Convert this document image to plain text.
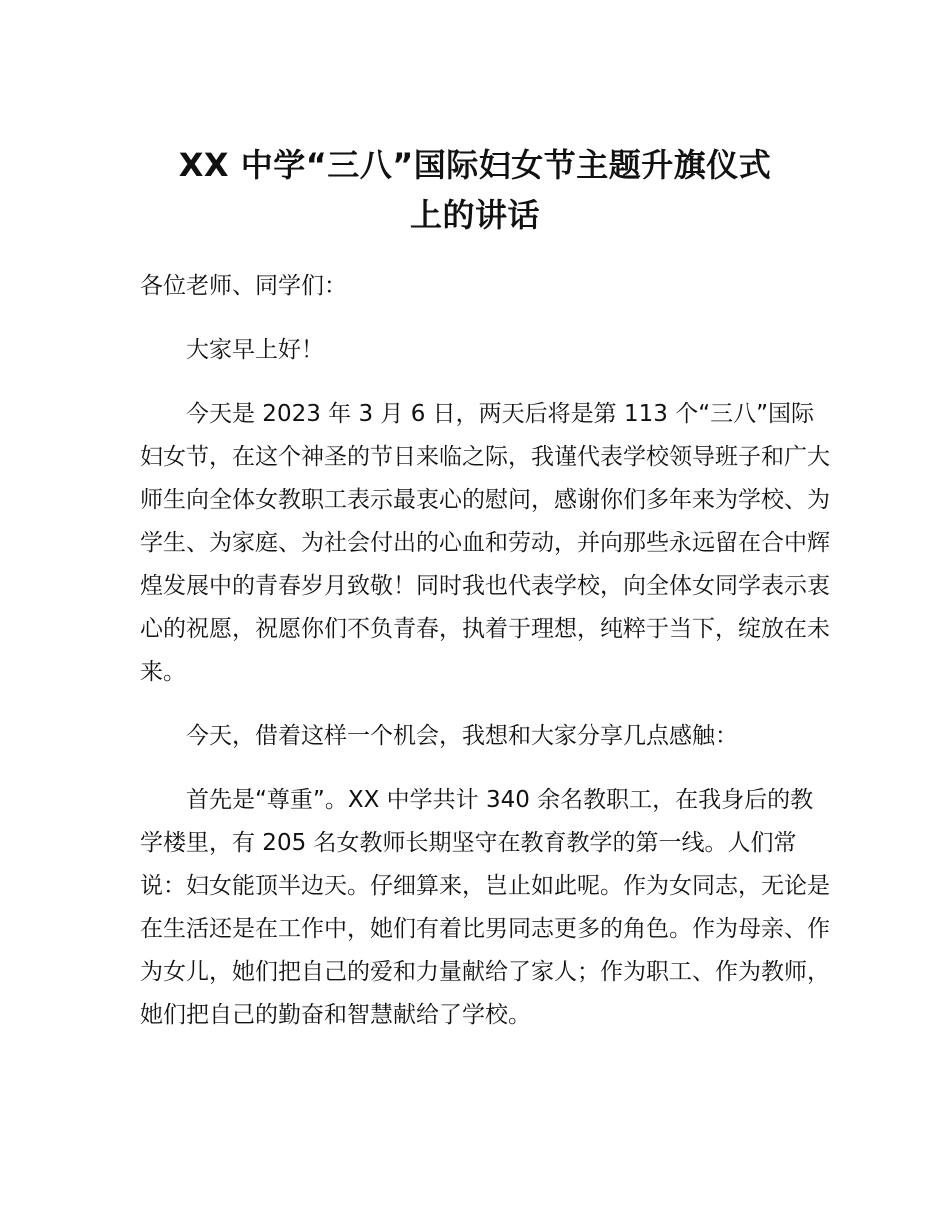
XX 中学“三八”国际妇女节主题升旗仪式
上的讲话

各位老师、同学们：

大家早上好！

今天是 2023 年 3 月 6 日，两天后将是第 113 个“三八”国际妇女节，在这个神圣的节日来临之际，我谨代表学校领导班子和广大师生向全体女教职工表示最衷心的慰问，感谢你们多年来为学校、为学生、为家庭、为社会付出的心血和劳动，并向那些永远留在合中辉煌发展中的青春岁月致敬！同时我也代表学校，向全体女同学表示衷心的祝愿，祝愿你们不负青春，执着于理想，纯粹于当下，绽放在未来。

今天，借着这样一个机会，我想和大家分享几点感触：

首先是“尊重”。XX 中学共计 340 余名教职工，在我身后的教学楼里，有 205 名女教师长期坚守在教育教学的第一线。人们常说：妇女能顶半边天。仔细算来，岂止如此呢。作为女同志，无论是在生活还是在工作中，她们有着比男同志更多的角色。作为母亲、作为女儿，她们把自己的爱和力量献给了家人；作为职工、作为教师，她们把自己的勤奋和智慧献给了学校。
